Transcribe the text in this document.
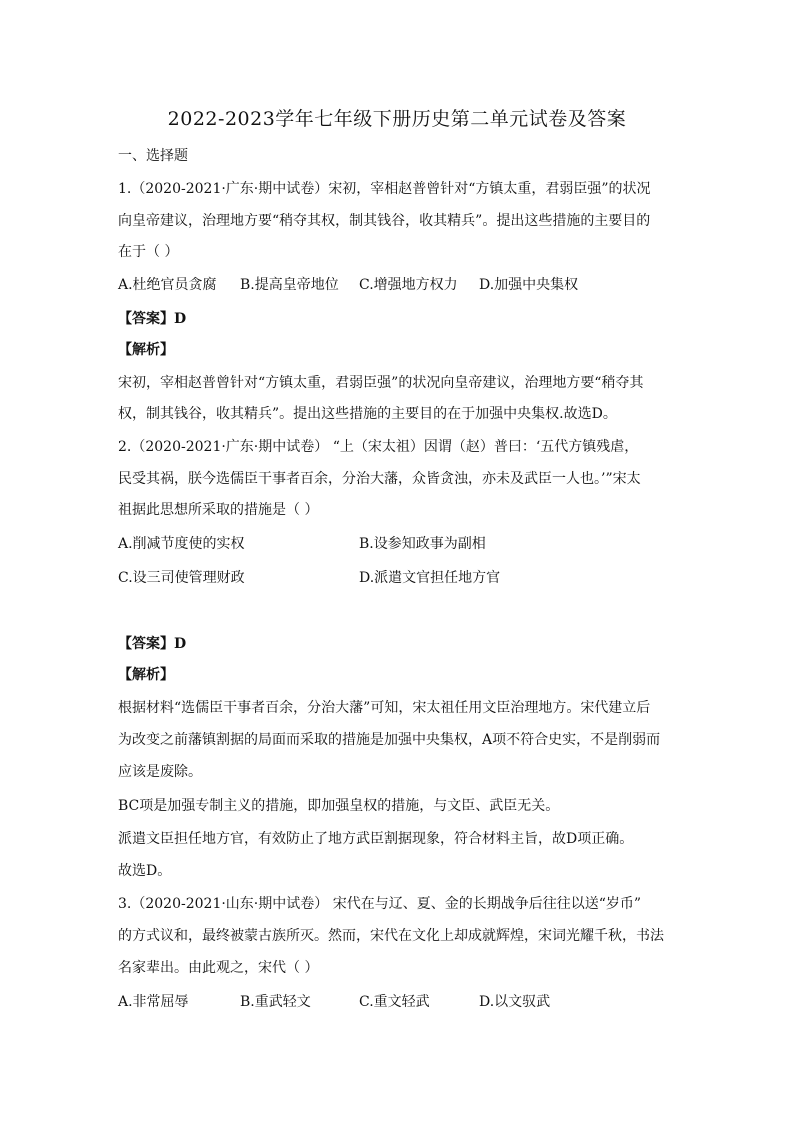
2022-2023学年七年级下册历史第二单元试卷及答案
一、选择题
1.（2020-2021·广东·期中试卷）宋初，宰相赵普曾针对“方镇太重，君弱臣强”的状况
向皇帝建议，治理地方要“稍夺其权，制其钱谷，收其精兵”。提出这些措施的主要目的
在于（ ）
A.杜绝官员贪腐 B.提高皇帝地位 C.增强地方权力 D.加强中央集权
【答案】D
【解析】
宋初，宰相赵普曾针对“方镇太重，君弱臣强”的状况向皇帝建议，治理地方要“稍夺其
权，制其钱谷，收其精兵”。提出这些措施的主要目的在于加强中央集权.故选D。
2.（2020-2021·广东·期中试卷） “上（宋太祖）因谓（赵）普曰：‘五代方镇残虐，
民受其祸，朕今选儒臣干事者百余，分治大藩，众皆贪浊，亦未及武臣一人也。’”宋太
祖据此思想所采取的措施是（ ）
A.削减节度使的实权	B.设参知政事为副相
C.设三司使管理财政	D.派遣文官担任地方官
【答案】D
【解析】
根据材料“选儒臣干事者百余，分治大藩”可知，宋太祖任用文臣治理地方。宋代建立后
为改变之前藩镇割据的局面而采取的措施是加强中央集权，A项不符合史实，不是削弱而
应该是废除。
BC项是加强专制主义的措施，即加强皇权的措施，与文臣、武臣无关。
派遣文臣担任地方官，有效防止了地方武臣割据现象，符合材料主旨，故D项正确。
故选D。
3.（2020-2021·山东·期中试卷） 宋代在与辽、夏、金的长期战争后往往以送“岁币”
的方式议和，最终被蒙古族所灭。然而，宋代在文化上却成就辉煌，宋词光耀千秋，书法
名家辈出。由此观之，宋代（ ）
A.非常屈辱	B.重武轻文	C.重文轻武	D.以文驭武
